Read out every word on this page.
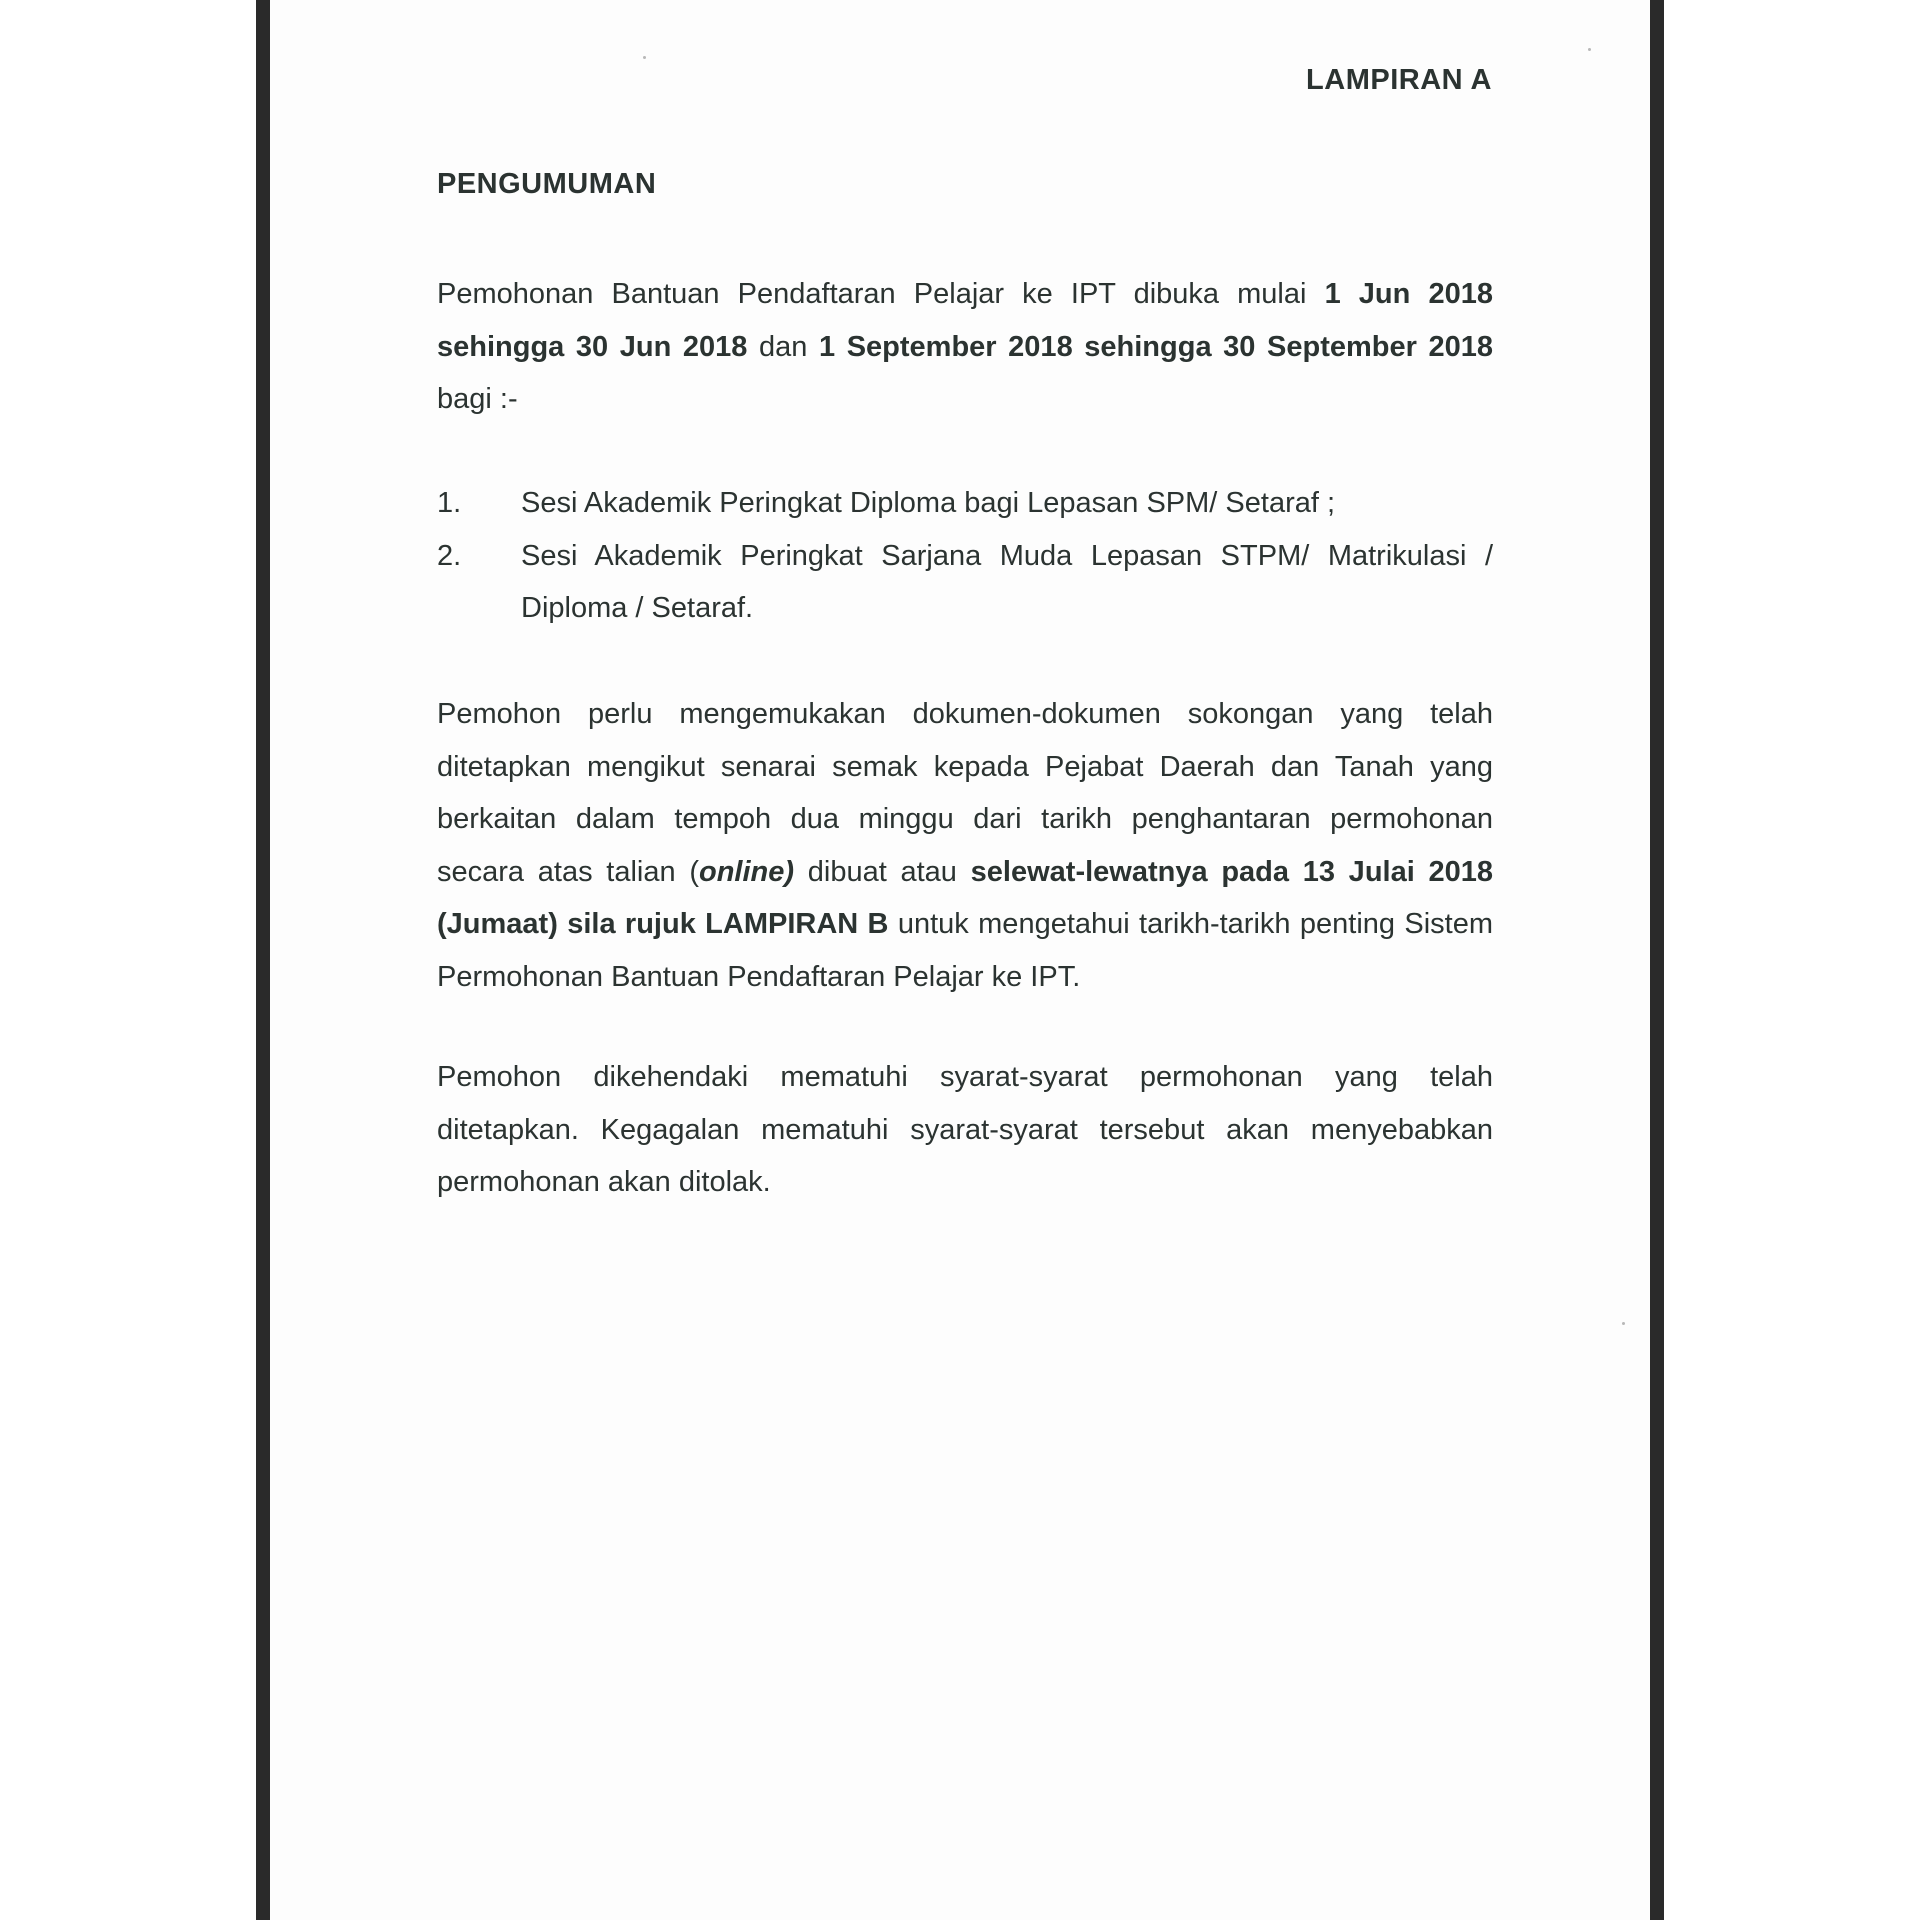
LAMPIRAN A
PENGUMUMAN

Pemohonan Bantuan Pendaftaran Pelajar ke IPT dibuka mulai 1 Jun 2018 sehingga 30 Jun 2018 dan 1 September 2018 sehingga 30 September 2018 bagi :-

1.	Sesi Akademik Peringkat Diploma bagi Lepasan SPM/ Setaraf ;
2.	Sesi Akademik Peringkat Sarjana Muda Lepasan STPM/ Matrikulasi / Diploma / Setaraf.

Pemohon perlu mengemukakan dokumen-dokumen sokongan yang telah ditetapkan mengikut senarai semak kepada Pejabat Daerah dan Tanah yang berkaitan dalam tempoh dua minggu dari tarikh penghantaran permohonan secara atas talian (online) dibuat atau selewat-lewatnya pada 13 Julai 2018 (Jumaat) sila rujuk LAMPIRAN B untuk mengetahui tarikh-tarikh penting Sistem Permohonan Bantuan Pendaftaran Pelajar ke IPT.

Pemohon dikehendaki mematuhi syarat-syarat permohonan yang telah ditetapkan. Kegagalan mematuhi syarat-syarat tersebut akan menyebabkan permohonan akan ditolak.
